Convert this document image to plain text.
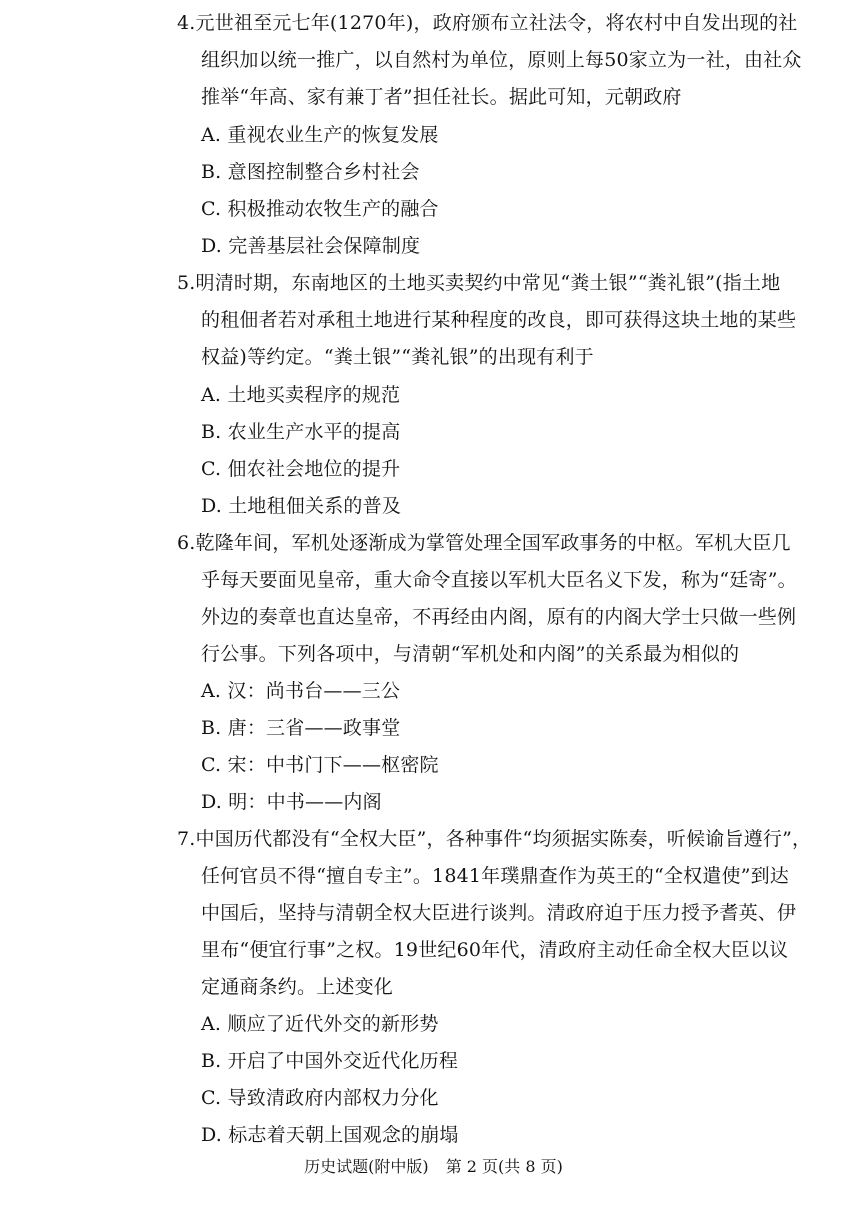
4.元世祖至元七年(1270年)，政府颁布立社法令，将农村中自发出现的社
组织加以统一推广，以自然村为单位，原则上每50家立为一社，由社众
推举“年高、家有兼丁者”担任社长。据此可知，元朝政府
A. 重视农业生产的恢复发展
B. 意图控制整合乡村社会
C. 积极推动农牧生产的融合
D. 完善基层社会保障制度
5.明清时期，东南地区的土地买卖契约中常见“粪土银”“粪礼银”(指土地
的租佃者若对承租土地进行某种程度的改良，即可获得这块土地的某些
权益)等约定。“粪土银”“粪礼银”的出现有利于
A. 土地买卖程序的规范
B. 农业生产水平的提高
C. 佃农社会地位的提升
D. 土地租佃关系的普及
6.乾隆年间，军机处逐渐成为掌管处理全国军政事务的中枢。军机大臣几
乎每天要面见皇帝，重大命令直接以军机大臣名义下发，称为“廷寄”。
外边的奏章也直达皇帝，不再经由内阁，原有的内阁大学士只做一些例
行公事。下列各项中，与清朝“军机处和内阁”的关系最为相似的
A. 汉：尚书台——三公
B. 唐：三省——政事堂
C. 宋：中书门下——枢密院
D. 明：中书——内阁
7.中国历代都没有“全权大臣”，各种事件“均须据实陈奏，听候谕旨遵行”，
任何官员不得“擅自专主”。1841年璞鼎查作为英王的“全权遣使”到达
中国后，坚持与清朝全权大臣进行谈判。清政府迫于压力授予耆英、伊
里布“便宜行事”之权。19世纪60年代，清政府主动任命全权大臣以议
定通商条约。上述变化
A. 顺应了近代外交的新形势
B. 开启了中国外交近代化历程
C. 导致清政府内部权力分化
D. 标志着天朝上国观念的崩塌
历史试题(附中版) 第 2 页(共 8 页)
